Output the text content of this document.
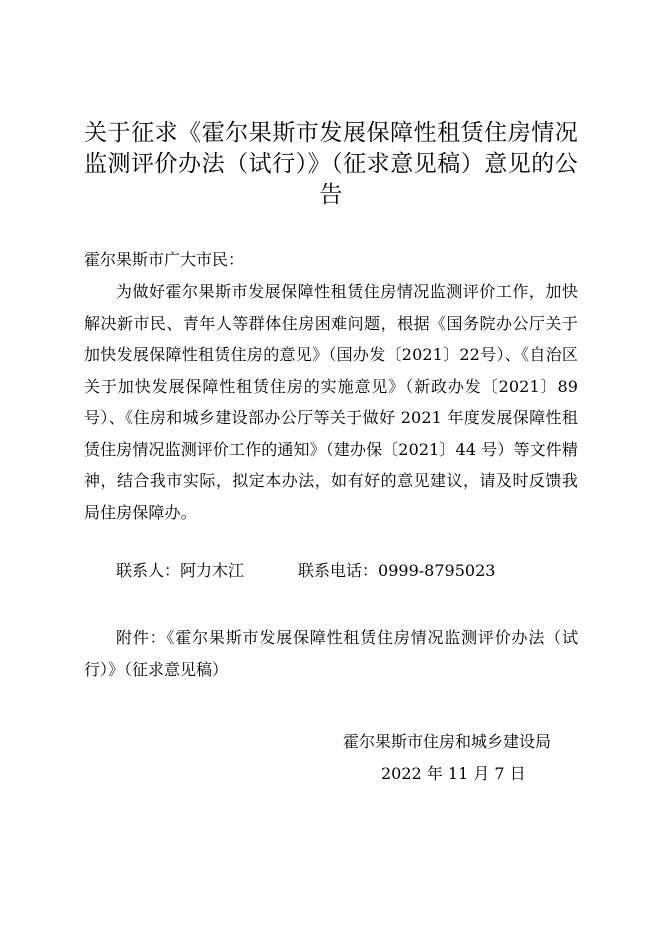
关于征求《霍尔果斯市发展保障性租赁住房情况监测评价办法（试行）》（征求意见稿）意见的公告
霍尔果斯市广大市民：
为做好霍尔果斯市发展保障性租赁住房情况监测评价工作，加快解决新市民、青年人等群体住房困难问题，根据《国务院办公厅关于加快发展保障性租赁住房的意见》（国办发〔2021〕22号）、《自治区关于加快发展保障性租赁住房的实施意见》（新政办发〔2021〕89 号）、《住房和城乡建设部办公厅等关于做好 2021 年度发展保障性租赁住房情况监测评价工作的通知》（建办保〔2021〕44 号）等文件精神，结合我市实际，拟定本办法，如有好的意见建议，请及时反馈我局住房保障办。
联系人：阿力木江	联系电话：0999-8795023
附件：《霍尔果斯市发展保障性租赁住房情况监测评价办法（试行）》（征求意见稿）
霍尔果斯市住房和城乡建设局
2022 年 11 月 7 日
